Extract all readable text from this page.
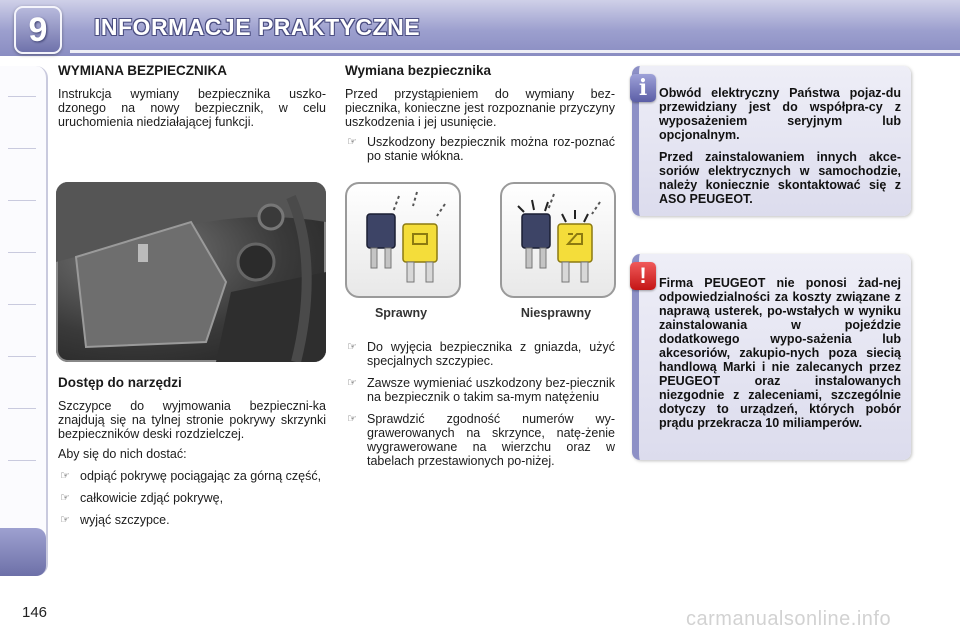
9	INFORMACJE PRAKTYCZNE
146
WYMIANA BEZPIECZNIKA

Instrukcja wymiany bezpiecznika uszko-dzonego na nowy bezpiecznik, w celu uruchomienia niedziałającej funkcji.

Dostęp do narzędzi

Szczypce do wyjmowania bezpieczni-ka znajdują się na tylnej stronie pokrywy skrzynki bezpieczników deski rozdzielczej.

Aby się do nich dostać:

☞ odpiąć pokrywę pociągając za górną część,
☞ całkowicie zdjąć pokrywę,
☞ wyjąć szczypce.
Wymiana bezpiecznika

Przed przystąpieniem do wymiany bez-piecznika, konieczne jest rozpoznanie przyczyny uszkodzenia i jej usunięcie.

☞ Uszkodzony bezpiecznik można roz-poznać po stanie włókna.
Sprawny	Niesprawny
☞ Do wyjęcia bezpiecznika z gniazda, użyć specjalnych szczypiec.
☞ Zawsze wymieniać uszkodzony bez-piecznik na bezpiecznik o takim sa-mym natężeniu
☞ Sprawdzić zgodność numerów wy-grawerowanych na skrzynce, natę-żenie wygrawerowane na wierzchu oraz w tabelach przestawionych po-niżej.
i Obwód elektryczny Państwa pojaz-du przewidziany jest do współpra-cy z wyposażeniem seryjnym lub opcjonalnym.

Przed zainstalowaniem innych akce-soriów elektrycznych w samochodzie, należy koniecznie skontaktować się z ASO PEUGEOT.

! Firma PEUGEOT nie ponosi żad-nej odpowiedzialności za koszty związane z naprawą usterek, po-wstałych w wyniku zainstalowania w pojeździe dodatkowego wypo-sażenia lub akcesoriów, zakupio-nych poza siecią handlową Marki i nie zalecanych przez PEUGEOT oraz instalowanych niezgodnie z zaleceniami, szczególnie dotyczy to urządzeń, których pobór prądu przekracza 10 miliamperów.

carmanualsonline.info
